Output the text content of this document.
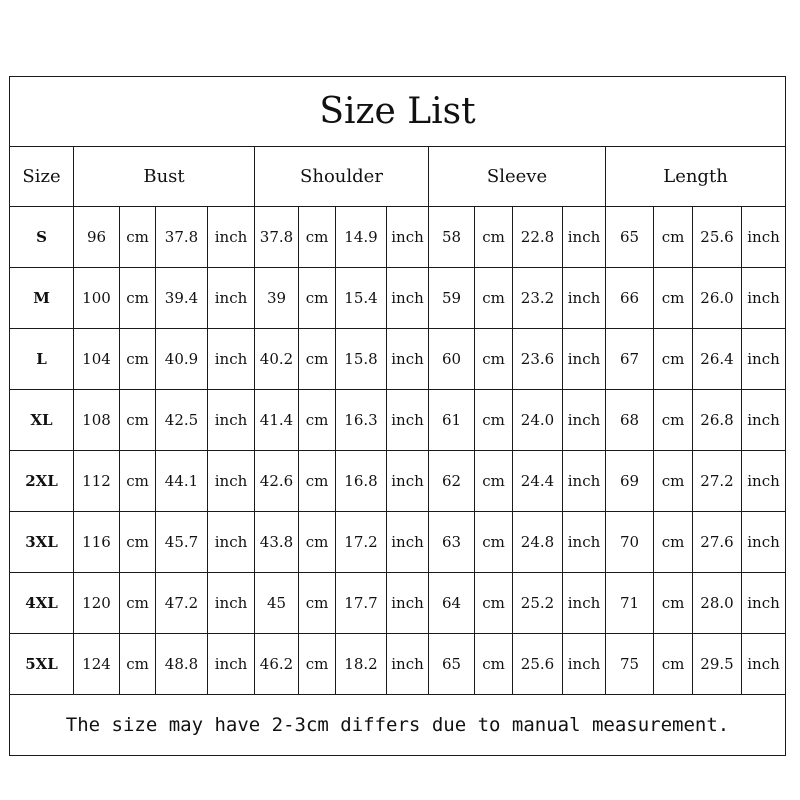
Size List																
Size	Bust				Shoulder				Sleeve				Length			
S	96	cm	37.8	inch	37.8	cm	14.9	inch	58	cm	22.8	inch	65	cm	25.6	inch
M	100	cm	39.4	inch	39	cm	15.4	inch	59	cm	23.2	inch	66	cm	26.0	inch
L	104	cm	40.9	inch	40.2	cm	15.8	inch	60	cm	23.6	inch	67	cm	26.4	inch
XL	108	cm	42.5	inch	41.4	cm	16.3	inch	61	cm	24.0	inch	68	cm	26.8	inch
2XL	112	cm	44.1	inch	42.6	cm	16.8	inch	62	cm	24.4	inch	69	cm	27.2	inch
3XL	116	cm	45.7	inch	43.8	cm	17.2	inch	63	cm	24.8	inch	70	cm	27.6	inch
4XL	120	cm	47.2	inch	45	cm	17.7	inch	64	cm	25.2	inch	71	cm	28.0	inch
5XL	124	cm	48.8	inch	46.2	cm	18.2	inch	65	cm	25.6	inch	75	cm	29.5	inch
The size may have 2-3cm differs due to manual measurement.																
